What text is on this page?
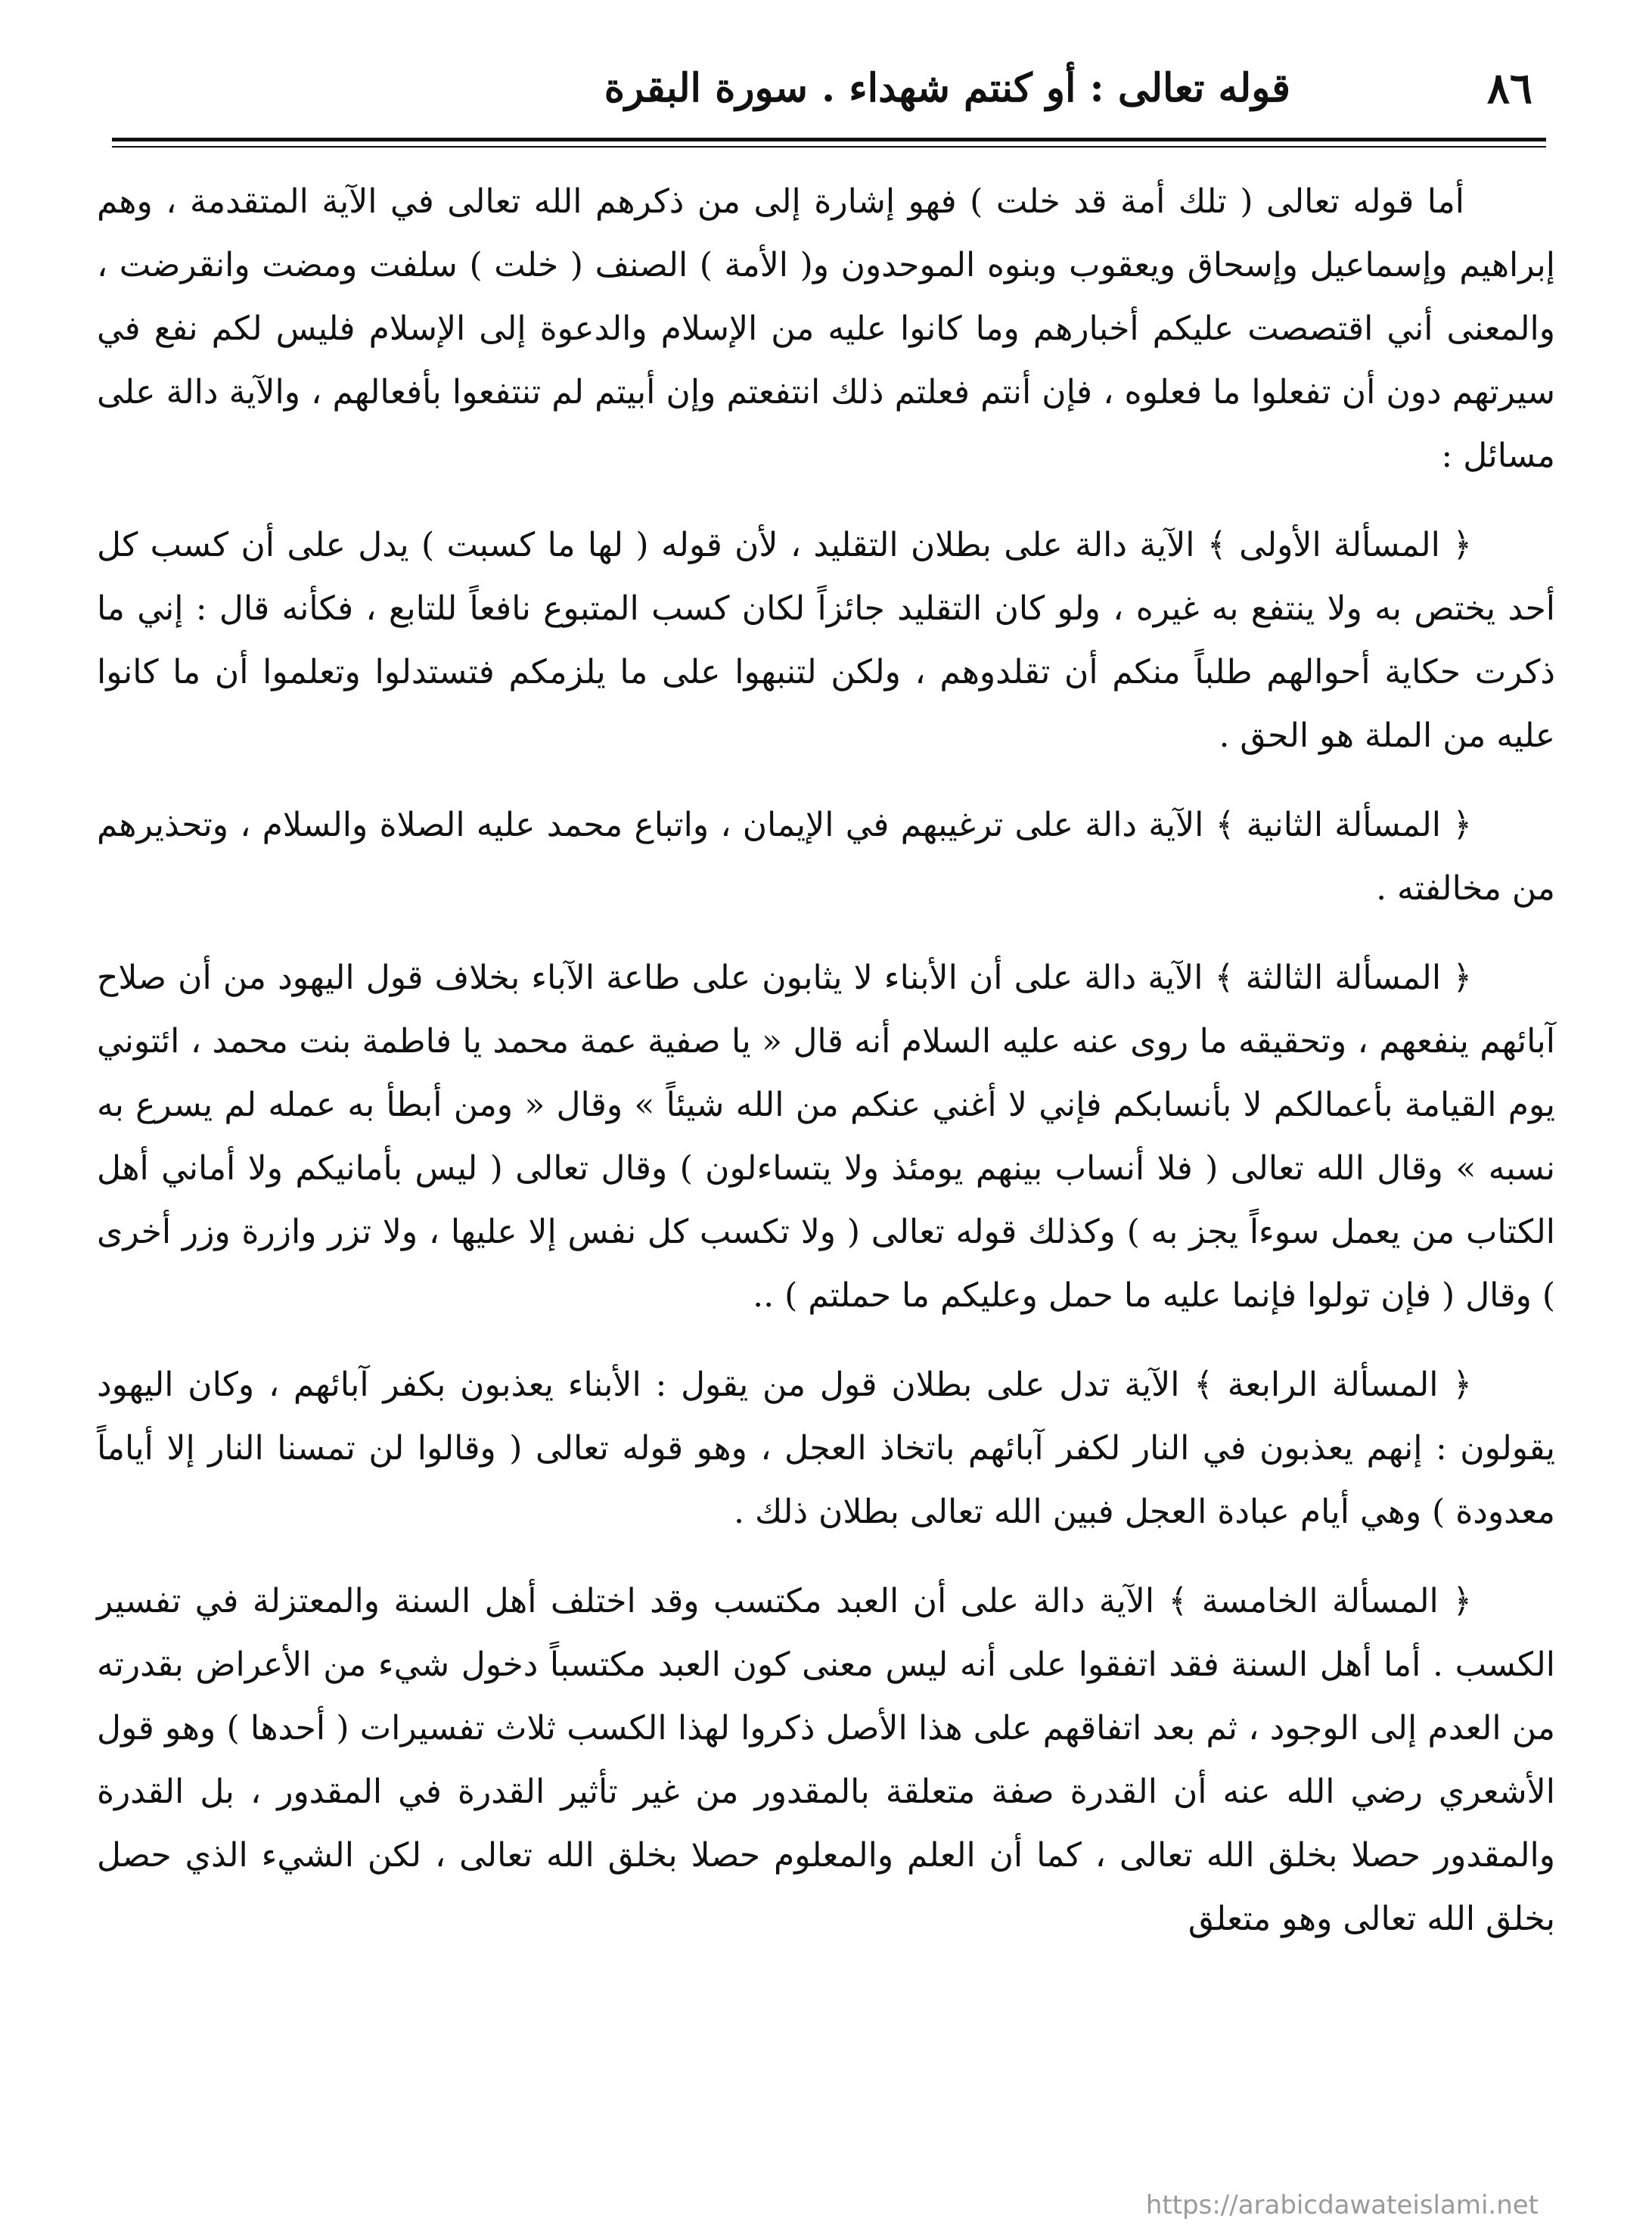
٨٦
قوله تعالى : أو كنتم شهداء . سورة البقرة

أما قوله تعالى ( تلك أمة قد خلت ) فهو إشارة إلى من ذكرهم الله تعالى في الآية المتقدمة ، وهم إبراهيم وإسماعيل وإسحاق ويعقوب وبنوه الموحدون و( الأمة ) الصنف ( خلت ) سلفت ومضت وانقرضت ، والمعنى أني اقتصصت عليكم أخبارهم وما كانوا عليه من الإسلام والدعوة إلى الإسلام فليس لكم نفع في سيرتهم دون أن تفعلوا ما فعلوه ، فإن أنتم فعلتم ذلك انتفعتم وإن أبيتم لم تنتفعوا بأفعالهم ، والآية دالة على مسائل :

﴿ المسألة الأولى ﴾ الآية دالة على بطلان التقليد ، لأن قوله ( لها ما كسبت ) يدل على أن كسب كل أحد يختص به ولا ينتفع به غيره ، ولو كان التقليد جائزاً لكان كسب المتبوع نافعاً للتابع ، فكأنه قال : إني ما ذكرت حكاية أحوالهم طلباً منكم أن تقلدوهم ، ولكن لتنبهوا على ما يلزمكم فتستدلوا وتعلموا أن ما كانوا عليه من الملة هو الحق .

﴿ المسألة الثانية ﴾ الآية دالة على ترغيبهم في الإيمان ، واتباع محمد عليه الصلاة والسلام ، وتحذيرهم من مخالفته .

﴿ المسألة الثالثة ﴾ الآية دالة على أن الأبناء لا يثابون على طاعة الآباء بخلاف قول اليهود من أن صلاح آبائهم ينفعهم ، وتحقيقه ما روى عنه عليه السلام أنه قال « يا صفية عمة محمد يا فاطمة بنت محمد ، ائتوني يوم القيامة بأعمالكم لا بأنسابكم فإني لا أغني عنكم من الله شيئاً » وقال « ومن أبطأ به عمله لم يسرع به نسبه » وقال الله تعالى ( فلا أنساب بينهم يومئذ ولا يتساءلون ) وقال تعالى ( ليس بأمانيكم ولا أماني أهل الكتاب من يعمل سوءاً يجز به ) وكذلك قوله تعالى ( ولا تكسب كل نفس إلا عليها ، ولا تزر وازرة وزر أخرى ) وقال ( فإن تولوا فإنما عليه ما حمل وعليكم ما حملتم ) ..

﴿ المسألة الرابعة ﴾ الآية تدل على بطلان قول من يقول : الأبناء يعذبون بكفر آبائهم ، وكان اليهود يقولون : إنهم يعذبون في النار لكفر آبائهم باتخاذ العجل ، وهو قوله تعالى ( وقالوا لن تمسنا النار إلا أياماً معدودة ) وهي أيام عبادة العجل فبين الله تعالى بطلان ذلك .

﴿ المسألة الخامسة ﴾ الآية دالة على أن العبد مكتسب وقد اختلف أهل السنة والمعتزلة في تفسير الكسب . أما أهل السنة فقد اتفقوا على أنه ليس معنى كون العبد مكتسباً دخول شيء من الأعراض بقدرته من العدم إلى الوجود ، ثم بعد اتفاقهم على هذا الأصل ذكروا لهذا الكسب ثلاث تفسيرات ( أحدها ) وهو قول الأشعري رضي الله عنه أن القدرة صفة متعلقة بالمقدور من غير تأثير القدرة في المقدور ، بل القدرة والمقدور حصلا بخلق الله تعالى ، كما أن العلم والمعلوم حصلا بخلق الله تعالى ، لكن الشيء الذي حصل بخلق الله تعالى وهو متعلق

https://arabicdawateislami.net
